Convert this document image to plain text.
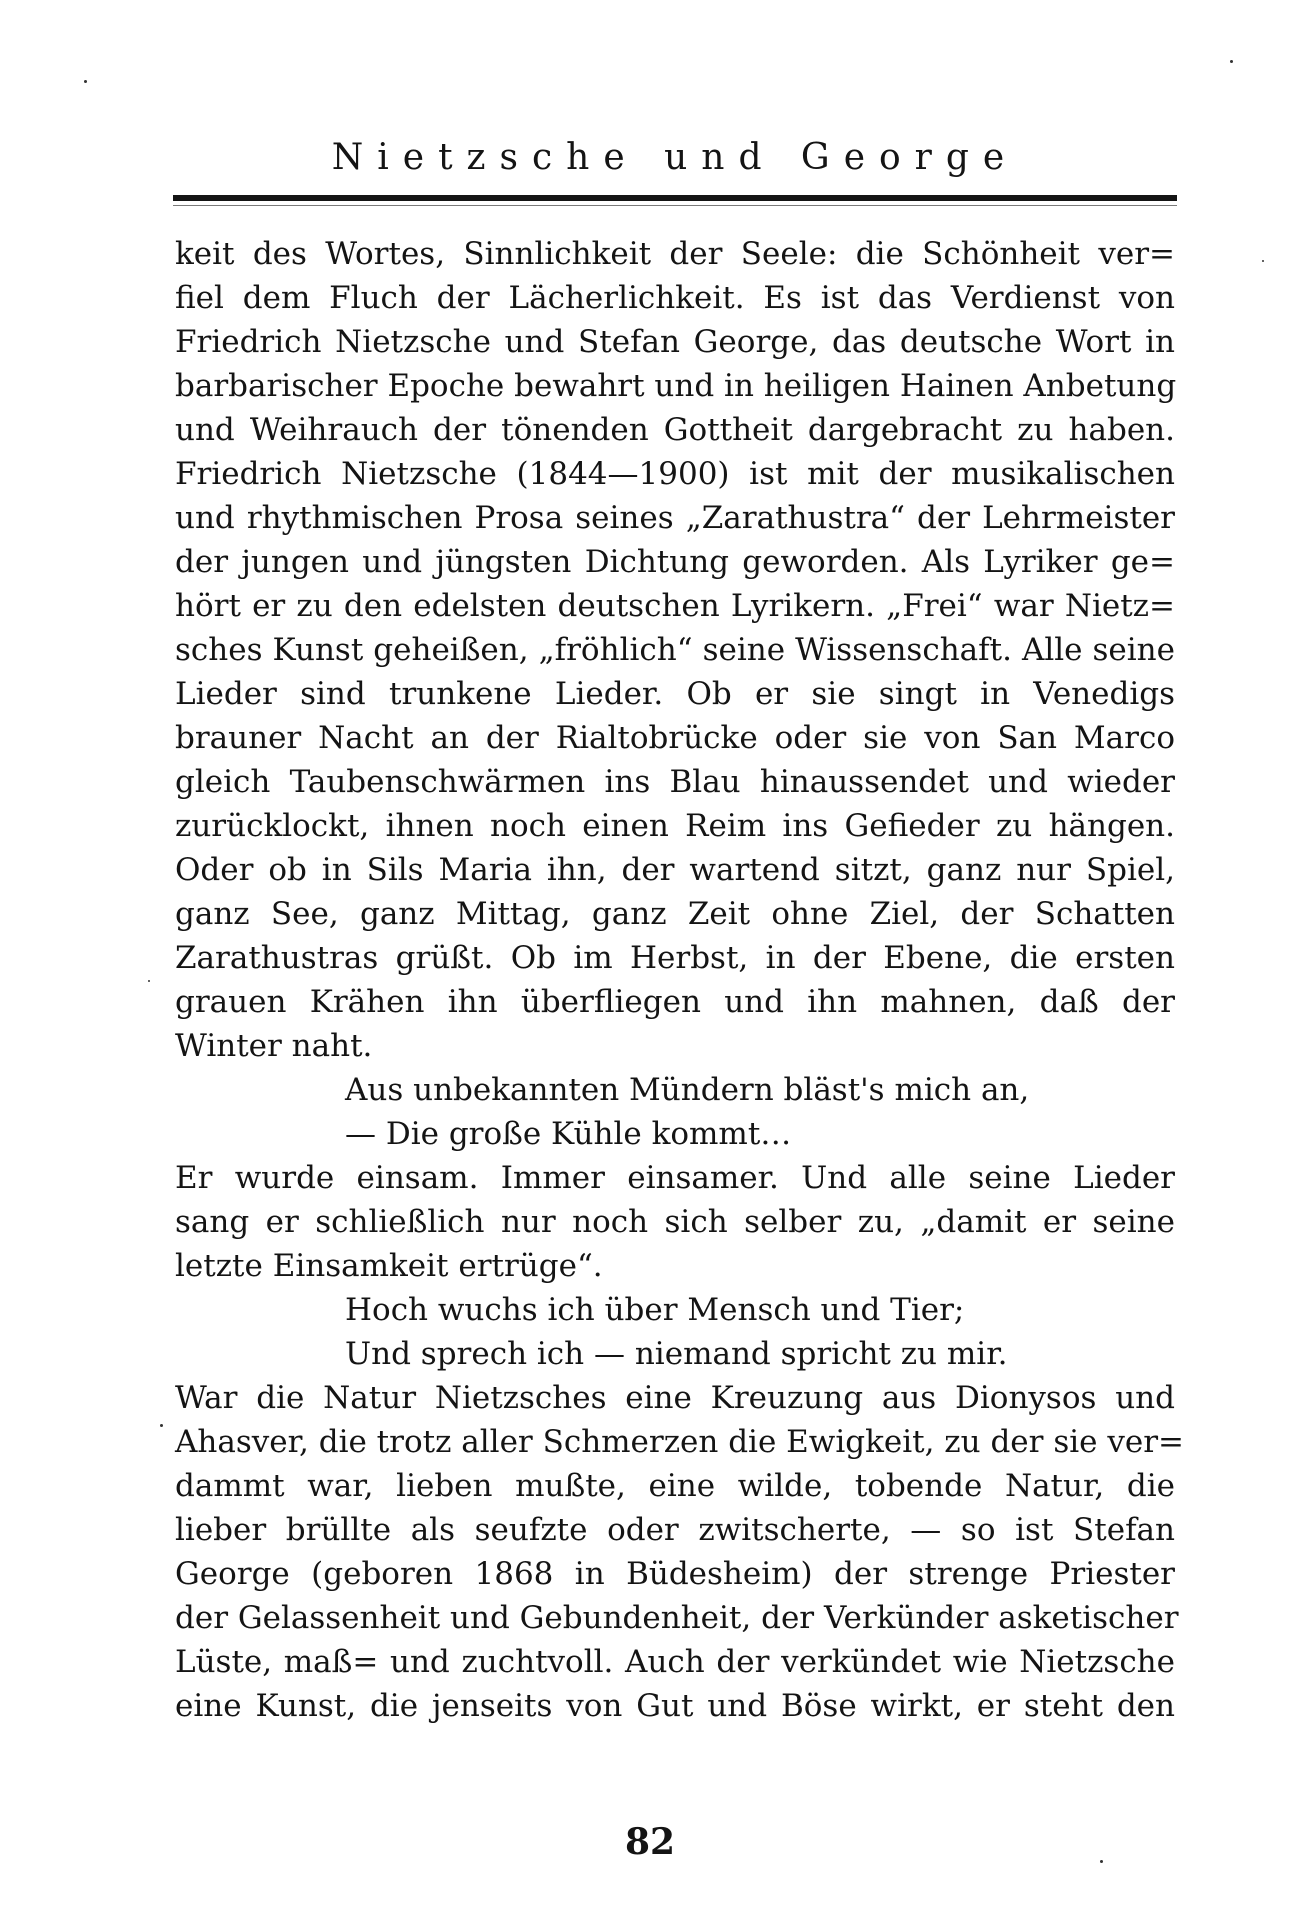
Nietzsche und George
keit des Wortes, Sinnlichkeit der Seele: die Schönheit ver=
fiel dem Fluch der Lächerlichkeit. Es ist das Verdienst von
Friedrich Nietzsche und Stefan George, das deutsche Wort in
barbarischer Epoche bewahrt und in heiligen Hainen Anbetung
und Weihrauch der tönenden Gottheit dargebracht zu haben.
Friedrich Nietzsche (1844—1900) ist mit der musikalischen
und rhythmischen Prosa seines „Zarathustra“ der Lehrmeister
der jungen und jüngsten Dichtung geworden. Als Lyriker ge=
hört er zu den edelsten deutschen Lyrikern. „Frei“ war Nietz=
sches Kunst geheißen, „fröhlich“ seine Wissenschaft. Alle seine
Lieder sind trunkene Lieder. Ob er sie singt in Venedigs
brauner Nacht an der Rialtobrücke oder sie von San Marco
gleich Taubenschwärmen ins Blau hinaussendet und wieder
zurücklockt, ihnen noch einen Reim ins Gefieder zu hängen.
Oder ob in Sils Maria ihn, der wartend sitzt, ganz nur Spiel,
ganz See, ganz Mittag, ganz Zeit ohne Ziel, der Schatten
Zarathustras grüßt. Ob im Herbst, in der Ebene, die ersten
grauen Krähen ihn überfliegen und ihn mahnen, daß der
Winter naht.
Aus unbekannten Mündern bläst's mich an,
— Die große Kühle kommt…
Er wurde einsam. Immer einsamer. Und alle seine Lieder
sang er schließlich nur noch sich selber zu, „damit er seine
letzte Einsamkeit ertrüge“.
Hoch wuchs ich über Mensch und Tier;
Und sprech ich — niemand spricht zu mir.
War die Natur Nietzsches eine Kreuzung aus Dionysos und
Ahasver, die trotz aller Schmerzen die Ewigkeit, zu der sie ver=
dammt war, lieben mußte, eine wilde, tobende Natur, die
lieber brüllte als seufzte oder zwitscherte, — so ist Stefan
George (geboren 1868 in Büdesheim) der strenge Priester
der Gelassenheit und Gebundenheit, der Verkünder asketischer
Lüste, maß= und zuchtvoll. Auch der verkündet wie Nietzsche
eine Kunst, die jenseits von Gut und Böse wirkt, er steht den
82
